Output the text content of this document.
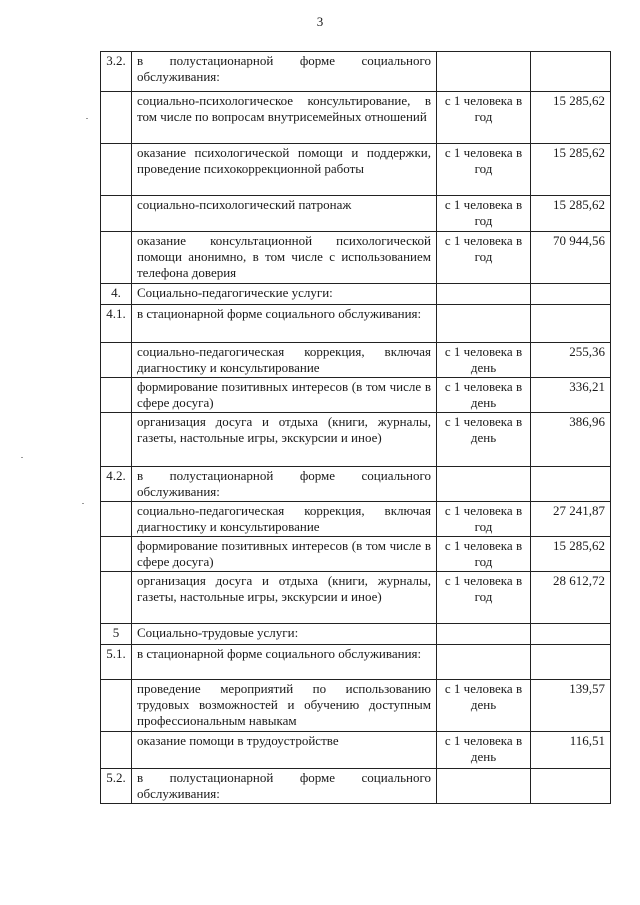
3
3.2.	в полустационарной форме социального обслуживания:		
	социально-психологическое консультирование, в том числе по вопросам внутрисемейных отношений	с 1 человека в год	15 285,62
	оказание психологической помощи и поддержки, проведение психокоррекционной работы	с 1 человека в год	15 285,62
	социально-психологический патронаж	с 1 человека в год	15 285,62
	оказание консультационной психологической помощи анонимно, в том числе с использованием телефона доверия	с 1 человека в год	70 944,56
4.	Социально-педагогические услуги:		
4.1.	в стационарной форме социального обслуживания:		
	социально-педагогическая коррекция, включая диагностику и консультирование	с 1 человека в день	255,36
	формирование позитивных интересов (в том числе в сфере досуга)	с 1 человека в день	336,21
	организация досуга и отдыха (книги, журналы, газеты, настольные игры, экскурсии и иное)	с 1 человека в день	386,96
4.2.	в полустационарной форме социального обслуживания:		
	социально-педагогическая коррекция, включая диагностику и консультирование	с 1 человека в год	27 241,87
	формирование позитивных интересов (в том числе в сфере досуга)	с 1 человека в год	15 285,62
	организация досуга и отдыха (книги, журналы, газеты, настольные игры, экскурсии и иное)	с 1 человека в год	28 612,72
5	Социально-трудовые услуги:		
5.1.	в стационарной форме социального обслуживания:		
	проведение мероприятий по использованию трудовых возможностей и обучению доступным профессиональным навыкам	с 1 человека в день	139,57
	оказание помощи в трудоустройстве	с 1 человека в день	116,51
5.2.	в полустационарной форме социального обслуживания:		
